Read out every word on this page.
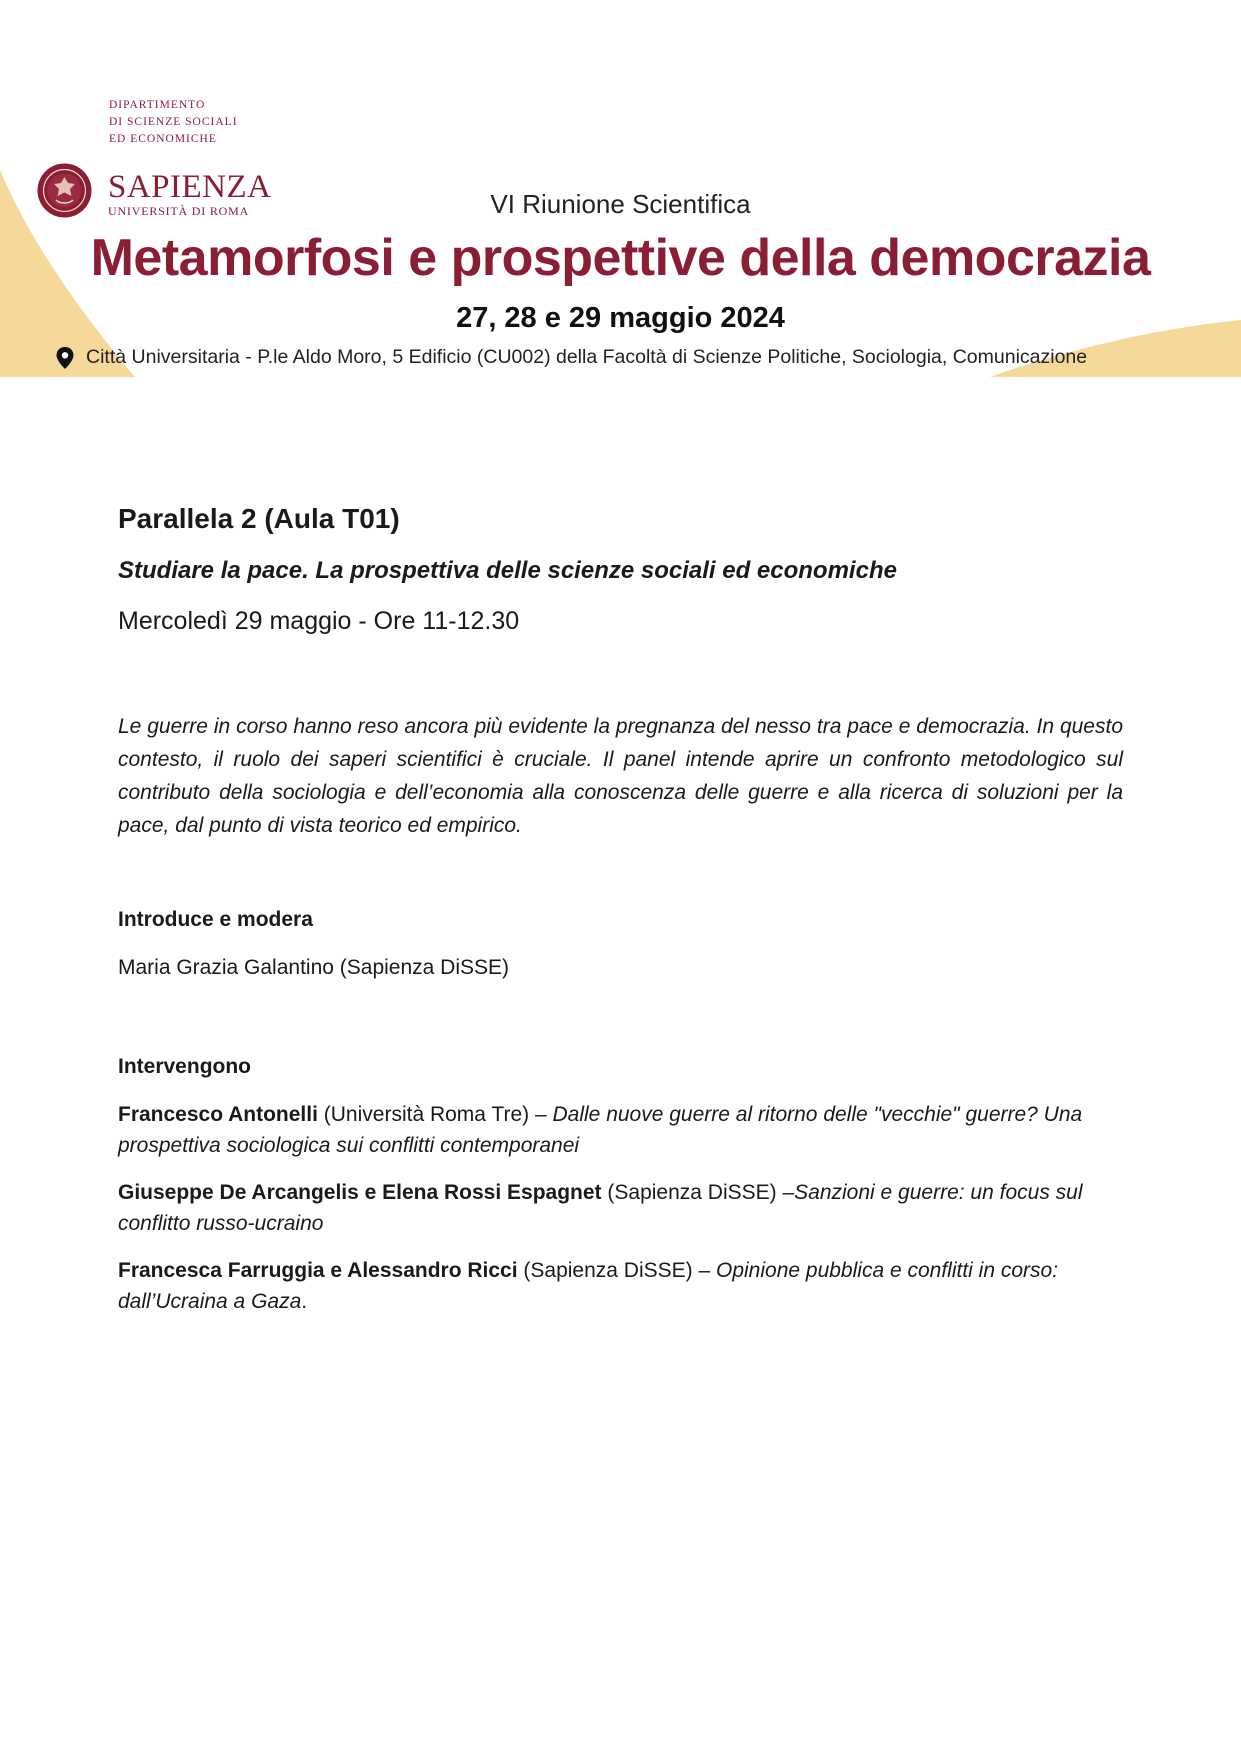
DIPARTIMENTO
DI SCIENZE SOCIALI
ED ECONOMICHE
SAPIENZA
UNIVERSITÀ DI ROMA	VI Riunione Scientifica
Metamorfosi e prospettive della democrazia
27, 28 e 29 maggio 2024
Città Universitaria - P.le Aldo Moro, 5 Edificio (CU002) della Facoltà di Scienze Politiche, Sociologia, Comunicazione
Parallela 2 (Aula T01)
Studiare la pace. La prospettiva delle scienze sociali ed economiche

Mercoledì 29 maggio - Ore 11-12.30

Le guerre in corso hanno reso ancora più evidente la pregnanza del nesso tra pace e democrazia. In questo contesto, il ruolo dei saperi scientifici è cruciale. Il panel intende aprire un confronto metodologico sul contributo della sociologia e dell’economia alla conoscenza delle guerre e alla ricerca di soluzioni per la pace, dal punto di vista teorico ed empirico.

Introduce e modera

Maria Grazia Galantino (Sapienza DiSSE)

Intervengono

Francesco Antonelli (Università Roma Tre) – Dalle nuove guerre al ritorno delle "vecchie" guerre? Una prospettiva sociologica sui conflitti contemporanei

Giuseppe De Arcangelis e Elena Rossi Espagnet (Sapienza DiSSE) –Sanzioni e guerre: un focus sul conflitto russo-ucraino

Francesca Farruggia e Alessandro Ricci (Sapienza DiSSE) – Opinione pubblica e conflitti in corso: dall’Ucraina a Gaza.
